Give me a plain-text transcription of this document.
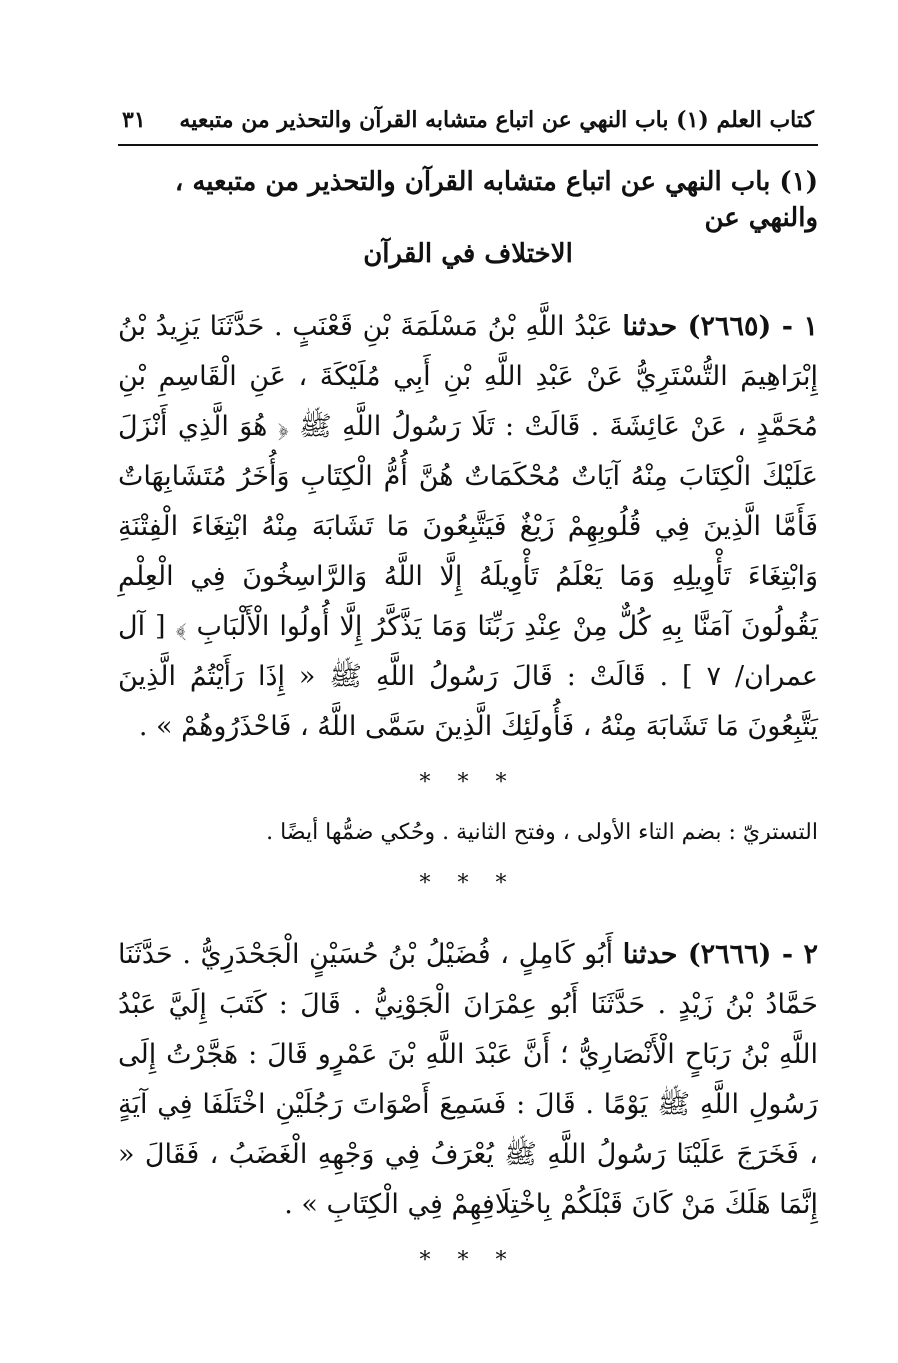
كتاب العلم (١) باب النهي عن اتباع متشابه القرآن والتحذير من متبعيه
٣١
(١) باب النهي عن اتباع متشابه القرآن والتحذير من متبعيه ، والنهي عن
الاختلاف في القرآن

١ - (٢٦٦٥) حدثنا عَبْدُ اللَّهِ بْنُ مَسْلَمَةَ بْنِ قَعْنَبٍ . حَدَّثَنَا يَزِيدُ بْنُ إِبْرَاهِيمَ التُّسْتَرِيُّ عَنْ عَبْدِ اللَّهِ بْنِ أَبِي مُلَيْكَةَ ، عَنِ الْقَاسِمِ بْنِ مُحَمَّدٍ ، عَنْ عَائِشَةَ . قَالَتْ : تَلَا رَسُولُ اللَّهِ ﷺ ﴿ هُوَ الَّذِي أَنْزَلَ عَلَيْكَ الْكِتَابَ مِنْهُ آيَاتٌ مُحْكَمَاتٌ هُنَّ أُمُّ الْكِتَابِ وَأُخَرُ مُتَشَابِهَاتٌ فَأَمَّا الَّذِينَ فِي قُلُوبِهِمْ زَيْغٌ فَيَتَّبِعُونَ مَا تَشَابَهَ مِنْهُ ابْتِغَاءَ الْفِتْنَةِ وَابْتِغَاءَ تَأْوِيلِهِ وَمَا يَعْلَمُ تَأْوِيلَهُ إِلَّا اللَّهُ وَالرَّاسِخُونَ فِي الْعِلْمِ يَقُولُونَ آمَنَّا بِهِ كُلٌّ مِنْ عِنْدِ رَبِّنَا وَمَا يَذَّكَّرُ إِلَّا أُولُوا الْأَلْبَابِ ﴾ [ آل عمران/ ٧ ] . قَالَتْ : قَالَ رَسُولُ اللَّهِ ﷺ « إِذَا رَأَيْتُمُ الَّذِينَ يَتَّبِعُونَ مَا تَشَابَهَ مِنْهُ ، فَأُولَئِكَ الَّذِينَ سَمَّى اللَّهُ ، فَاحْذَرُوهُمْ » .

* * *
التستريّ : بضم التاء الأولى ، وفتح الثانية . وحُكي ضمُّها أيضًا .
* * *

٢ - (٢٦٦٦) حدثنا أَبُو كَامِلٍ ، فُضَيْلُ بْنُ حُسَيْنٍ الْجَحْدَرِيُّ . حَدَّثَنَا حَمَّادُ بْنُ زَيْدٍ . حَدَّثَنَا أَبُو عِمْرَانَ الْجَوْنِيُّ . قَالَ : كَتَبَ إِلَيَّ عَبْدُ اللَّهِ بْنُ رَبَاحٍ الْأَنْصَارِيُّ ؛ أَنَّ عَبْدَ اللَّهِ بْنَ عَمْرٍو قَالَ : هَجَّرْتُ إِلَى رَسُولِ اللَّهِ ﷺ يَوْمًا . قَالَ : فَسَمِعَ أَصْوَاتَ رَجُلَيْنِ اخْتَلَفَا فِي آيَةٍ ، فَخَرَجَ عَلَيْنَا رَسُولُ اللَّهِ ﷺ يُعْرَفُ فِي وَجْهِهِ الْغَضَبُ ، فَقَالَ « إِنَّمَا هَلَكَ مَنْ كَانَ قَبْلَكُمْ بِاخْتِلَافِهِمْ فِي الْكِتَابِ » .

* * *
